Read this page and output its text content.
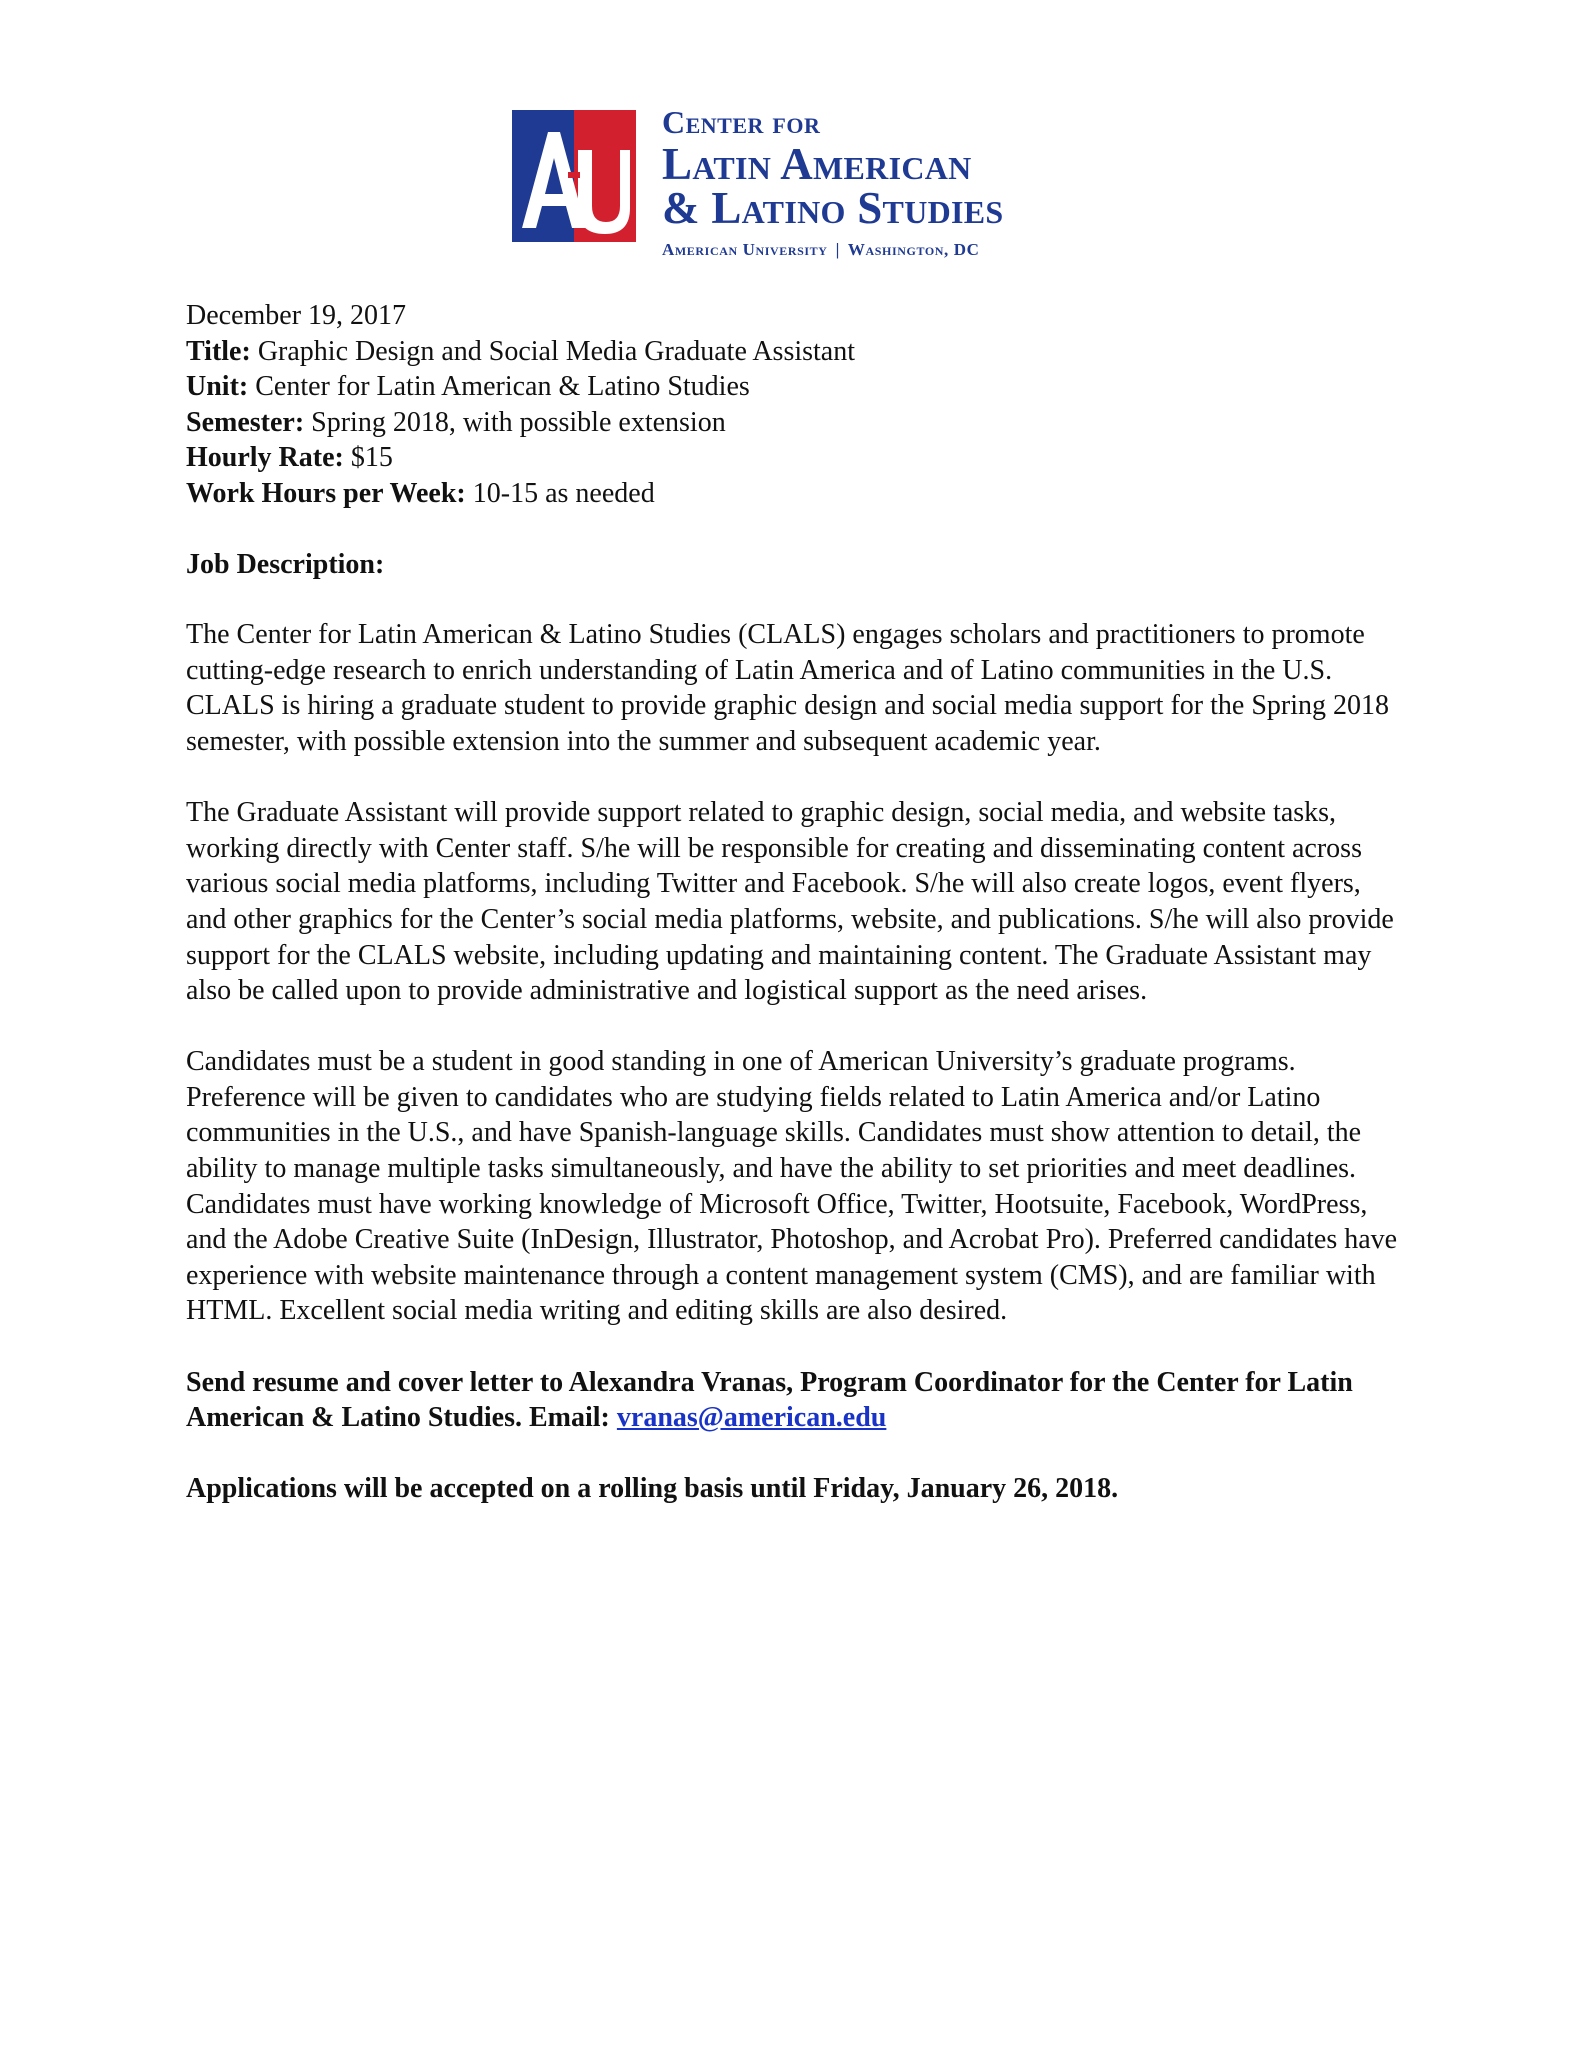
Center for
Latin American
& Latino Studies
American University | Washington, DC

December 19, 2017

Title: Graphic Design and Social Media Graduate Assistant

Unit: Center for Latin American & Latino Studies

Semester: Spring 2018, with possible extension

Hourly Rate: $15

Work Hours per Week: 10-15 as needed

Job Description:

The Center for Latin American & Latino Studies (CLALS) engages scholars and practitioners to promote cutting-edge research to enrich understanding of Latin America and of Latino communities in the U.S. CLALS is hiring a graduate student to provide graphic design and social media support for the Spring 2018 semester, with possible extension into the summer and subsequent academic year.

The Graduate Assistant will provide support related to graphic design, social media, and website tasks, working directly with Center staff. S/he will be responsible for creating and disseminating content across various social media platforms, including Twitter and Facebook. S/he will also create logos, event flyers, and other graphics for the Center’s social media platforms, website, and publications. S/he will also provide support for the CLALS website, including updating and maintaining content. The Graduate Assistant may also be called upon to provide administrative and logistical support as the need arises.

Candidates must be a student in good standing in one of American University’s graduate programs. Preference will be given to candidates who are studying fields related to Latin America and/or Latino communities in the U.S., and have Spanish-language skills. Candidates must show attention to detail, the ability to manage multiple tasks simultaneously, and have the ability to set priorities and meet deadlines. Candidates must have working knowledge of Microsoft Office, Twitter, Hootsuite, Facebook, WordPress, and the Adobe Creative Suite (InDesign, Illustrator, Photoshop, and Acrobat Pro). Preferred candidates have experience with website maintenance through a content management system (CMS), and are familiar with HTML. Excellent social media writing and editing skills are also desired.

Send resume and cover letter to Alexandra Vranas, Program Coordinator for the Center for Latin American & Latino Studies. Email: vranas@american.edu

Applications will be accepted on a rolling basis until Friday, January 26, 2018.
